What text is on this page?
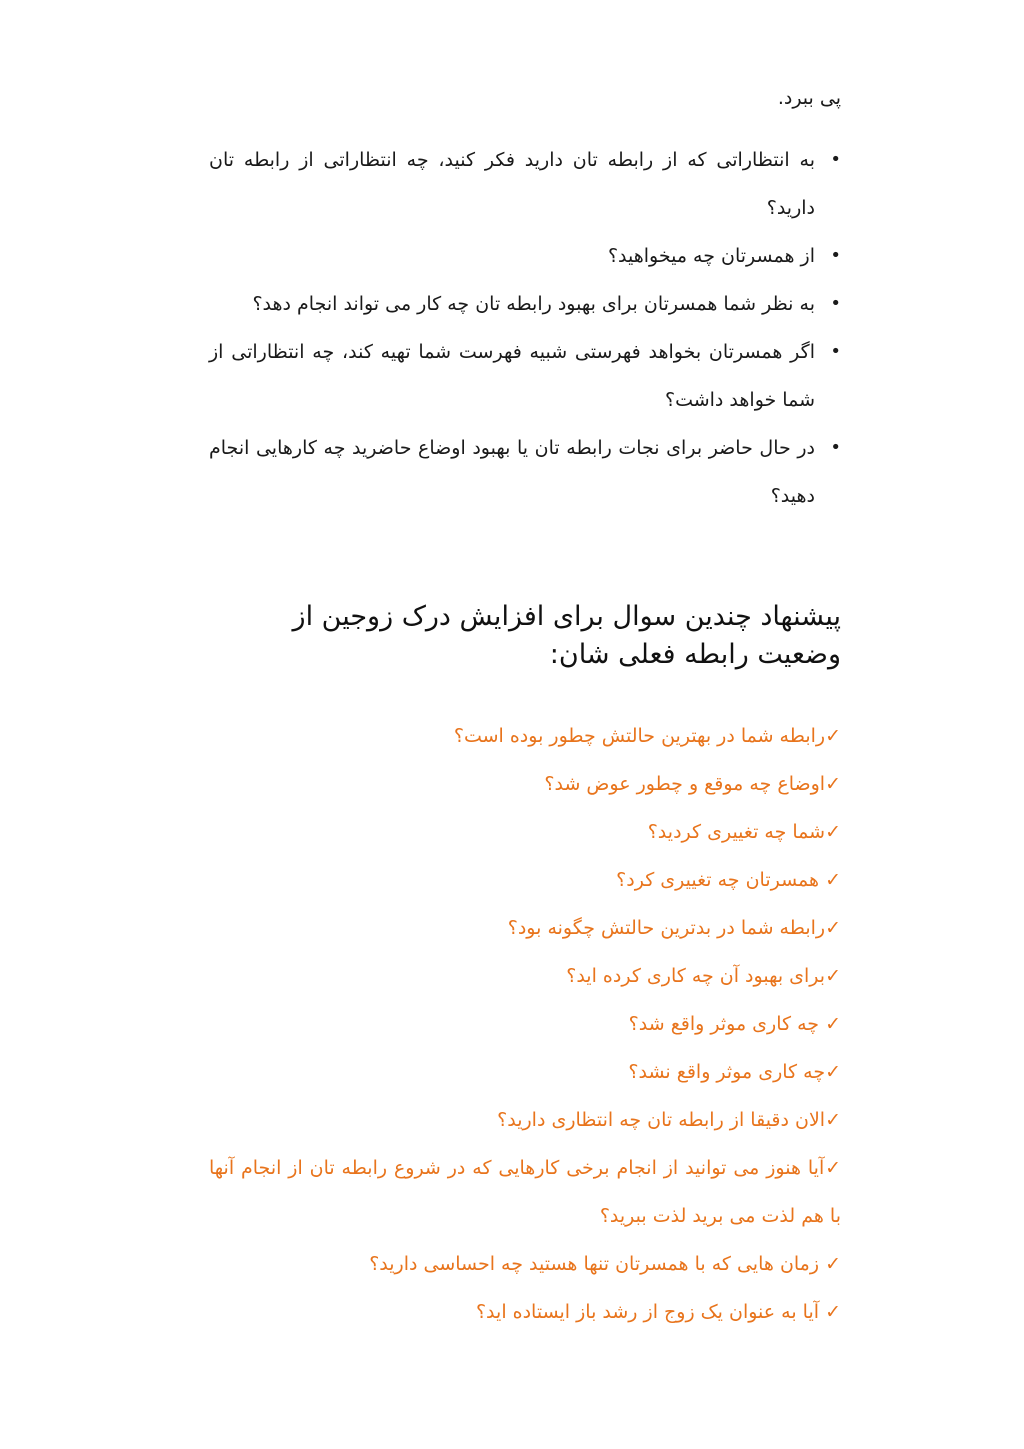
پی ببرد.

•
به انتظاراتی که از رابطه تان دارید فکر کنید، چه انتظاراتی از رابطه تان دارید؟
•
از همسرتان چه میخواهید؟
•
به نظر شما همسرتان برای بهبود رابطه تان چه کار می تواند انجام دهد؟
•
اگر همسرتان بخواهد فهرستی شبیه فهرست شما تهیه کند، چه انتظاراتی از شما خواهد داشت؟
•
در حال حاضر برای نجات رابطه تان یا بهبود اوضاع حاضرید چه کارهایی انجام دهید؟
پیشنهاد چندین سوال برای افزایش درک زوجین از وضعیت رابطه فعلی شان:
✓رابطه شما در بهترین حالتش چطور بوده است؟
✓اوضاع چه موقع و چطور عوض شد؟
✓شما چه تغییری کردید؟
✓ همسرتان چه تغییری کرد؟
✓رابطه شما در بدترین حالتش چگونه بود؟
✓برای بهبود آن چه کاری کرده اید؟
✓ چه کاری موثر واقع شد؟
✓چه کاری موثر واقع نشد؟
✓الان دقیقا از رابطه تان چه انتظاری دارید؟
✓آیا هنوز می توانید از انجام برخی کارهایی که در شروع رابطه تان از انجام آنها با هم لذت می برید لذت ببرید؟
✓ زمان هایی که با همسرتان تنها هستید چه احساسی دارید؟
✓ آیا به عنوان یک زوج از رشد باز ایستاده اید؟
